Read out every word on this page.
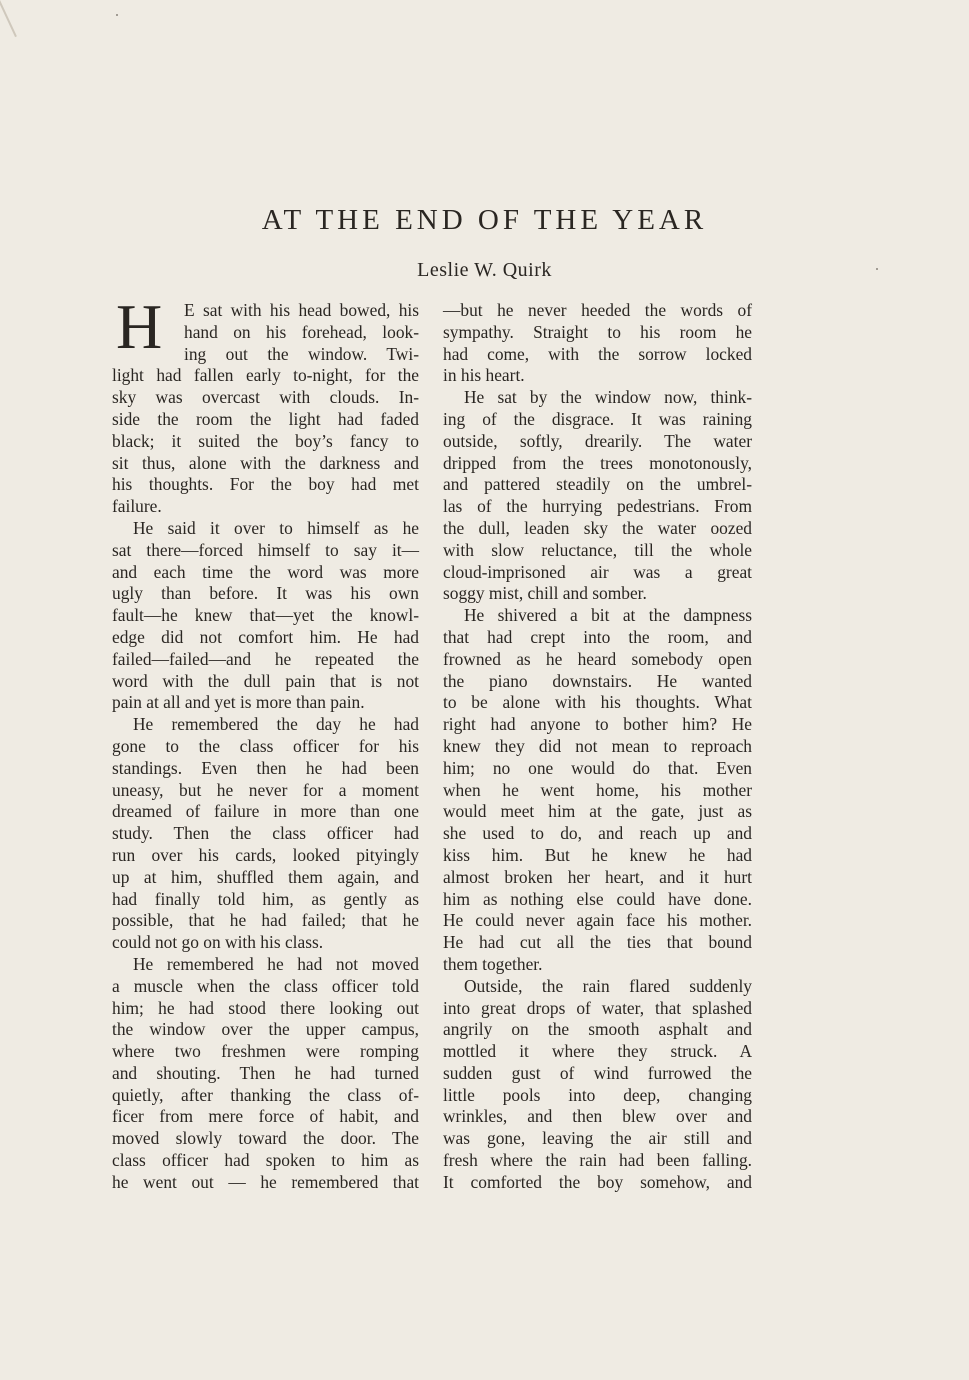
AT THE END OF THE YEAR
Leslie W. Quirk
H	E sat with his head bowed, his
hand on his forehead, look-
ing out the window. Twi-
light had fallen early to-night, for the
sky was overcast with clouds. In-
side the room the light had faded
black; it suited the boy’s fancy to
sit thus, alone with the darkness and
his thoughts. For the boy had met
failure.
He said it over to himself as he
sat there—forced himself to say it—
and each time the word was more
ugly than before. It was his own
fault—he knew that—yet the knowl-
edge did not comfort him. He had
failed—failed—and he repeated the
word with the dull pain that is not
pain at all and yet is more than pain.
He remembered the day he had
gone to the class officer for his
standings. Even then he had been
uneasy, but he never for a moment
dreamed of failure in more than one
study. Then the class officer had
run over his cards, looked pityingly
up at him, shuffled them again, and
had finally told him, as gently as
possible, that he had failed; that he
could not go on with his class.
He remembered he had not moved
a muscle when the class officer told
him; he had stood there looking out
the window over the upper campus,
where two freshmen were romping
and shouting. Then he had turned
quietly, after thanking the class of-
ficer from mere force of habit, and
moved slowly toward the door. The
class officer had spoken to him as
he went out — he remembered that
—but he never heeded the words of
sympathy. Straight to his room he
had come, with the sorrow locked
in his heart.
He sat by the window now, think-
ing of the disgrace. It was raining
outside, softly, drearily. The water
dripped from the trees monotonously,
and pattered steadily on the umbrel-
las of the hurrying pedestrians. From
the dull, leaden sky the water oozed
with slow reluctance, till the whole
cloud-imprisoned air was a great
soggy mist, chill and somber.
He shivered a bit at the dampness
that had crept into the room, and
frowned as he heard somebody open
the piano downstairs. He wanted
to be alone with his thoughts. What
right had anyone to bother him? He
knew they did not mean to reproach
him; no one would do that. Even
when he went home, his mother
would meet him at the gate, just as
she used to do, and reach up and
kiss him. But he knew he had
almost broken her heart, and it hurt
him as nothing else could have done.
He could never again face his mother.
He had cut all the ties that bound
them together.
Outside, the rain flared suddenly
into great drops of water, that splashed
angrily on the smooth asphalt and
mottled it where they struck. A
sudden gust of wind furrowed the
little pools into deep, changing
wrinkles, and then blew over and
was gone, leaving the air still and
fresh where the rain had been falling.
It comforted the boy somehow, and
